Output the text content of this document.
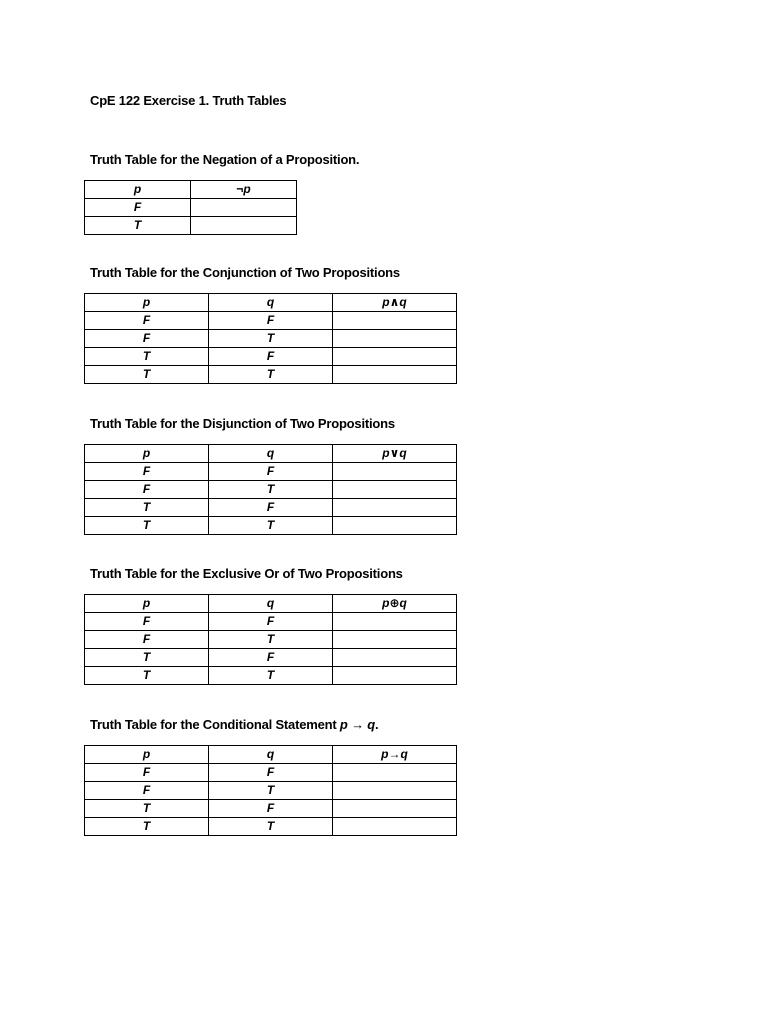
CpE 122 Exercise 1. Truth Tables
Truth Table for the Negation of a Proposition.
p	¬p
F	
T	
Truth Table for the Conjunction of Two Propositions
p	q	p∧q
F	F	
F	T	
T	F	
T	T	
Truth Table for the Disjunction of Two Propositions
p	q	p∨q
F	F	
F	T	
T	F	
T	T	
Truth Table for the Exclusive Or of Two Propositions
p	q	p⊕q
F	F	
F	T	
T	F	
T	T	
Truth Table for the Conditional Statement p → q.
p	q	p→q
F	F	
F	T	
T	F	
T	T	
